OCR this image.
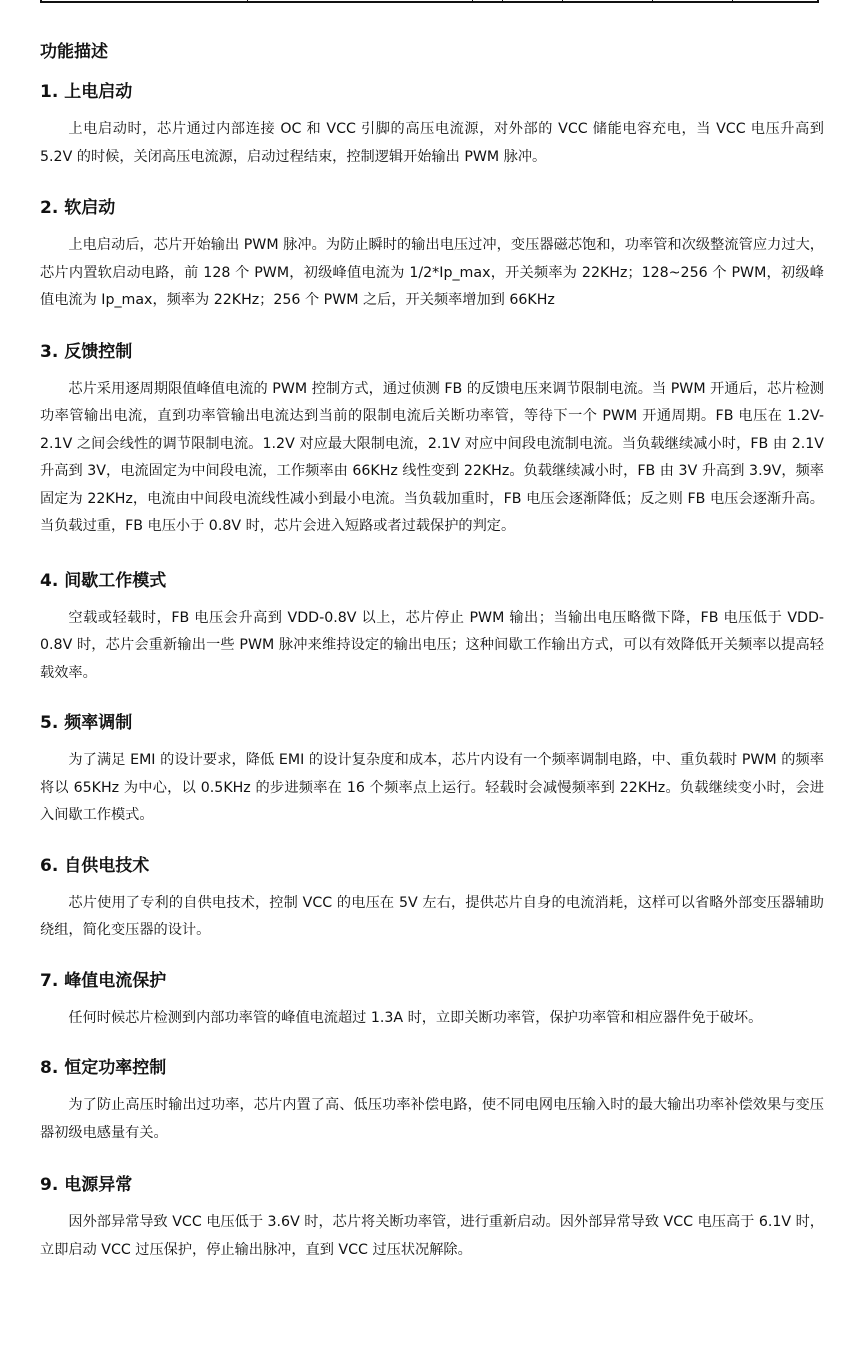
功能描述
1. 上电启动

上电启动时，芯片通过内部连接 OC 和 VCC 引脚的高压电流源，对外部的 VCC 储能电容充电，当 VCC 电压升高到 5.2V 的时候，关闭高压电流源，启动过程结束，控制逻辑开始输出 PWM 脉冲。

2. 软启动

上电启动后，芯片开始输出 PWM 脉冲。为防止瞬时的输出电压过冲，变压器磁芯饱和，功率管和次级整流管应力过大，芯片内置软启动电路，前 128 个 PWM，初级峰值电流为 1/2*Ip_max，开关频率为 22KHz；128~256 个 PWM，初级峰值电流为 Ip_max，频率为 22KHz；256 个 PWM 之后，开关频率增加到 66KHz

3. 反馈控制

芯片采用逐周期限值峰值电流的 PWM 控制方式，通过侦测 FB 的反馈电压来调节限制电流。当 PWM 开通后，芯片检测功率管输出电流，直到功率管输出电流达到当前的限制电流后关断功率管，等待下一个 PWM 开通周期。FB 电压在 1.2V-2.1V 之间会线性的调节限制电流。1.2V 对应最大限制电流，2.1V 对应中间段电流制电流。当负载继续减小时，FB 由 2.1V 升高到 3V，电流固定为中间段电流，工作频率由 66KHz 线性变到 22KHz。负载继续减小时，FB 由 3V 升高到 3.9V，频率固定为 22KHz，电流由中间段电流线性减小到最小电流。当负载加重时，FB 电压会逐渐降低；反之则 FB 电压会逐渐升高。当负载过重，FB 电压小于 0.8V 时，芯片会进入短路或者过载保护的判定。

4. 间歇工作模式

空载或轻载时，FB 电压会升高到 VDD-0.8V 以上，芯片停止 PWM 输出；当输出电压略微下降，FB 电压低于 VDD-0.8V 时，芯片会重新输出一些 PWM 脉冲来维持设定的输出电压；这种间歇工作输出方式，可以有效降低开关频率以提高轻载效率。

5. 频率调制

为了满足 EMI 的设计要求，降低 EMI 的设计复杂度和成本，芯片内设有一个频率调制电路，中、重负载时 PWM 的频率将以 65KHz 为中心，以 0.5KHz 的步进频率在 16 个频率点上运行。轻载时会减慢频率到 22KHz。负载继续变小时，会进入间歇工作模式。

6. 自供电技术

芯片使用了专利的自供电技术，控制 VCC 的电压在 5V 左右，提供芯片自身的电流消耗，这样可以省略外部变压器辅助绕组，简化变压器的设计。

7. 峰值电流保护

任何时候芯片检测到内部功率管的峰值电流超过 1.3A 时，立即关断功率管，保护功率管和相应器件免于破坏。

8. 恒定功率控制

为了防止高压时输出过功率，芯片内置了高、低压功率补偿电路，使不同电网电压输入时的最大输出功率补偿效果与变压器初级电感量有关。

9. 电源异常

因外部异常导致 VCC 电压低于 3.6V 时，芯片将关断功率管，进行重新启动。因外部异常导致 VCC 电压高于 6.1V 时，立即启动 VCC 过压保护，停止输出脉冲，直到 VCC 过压状况解除。
